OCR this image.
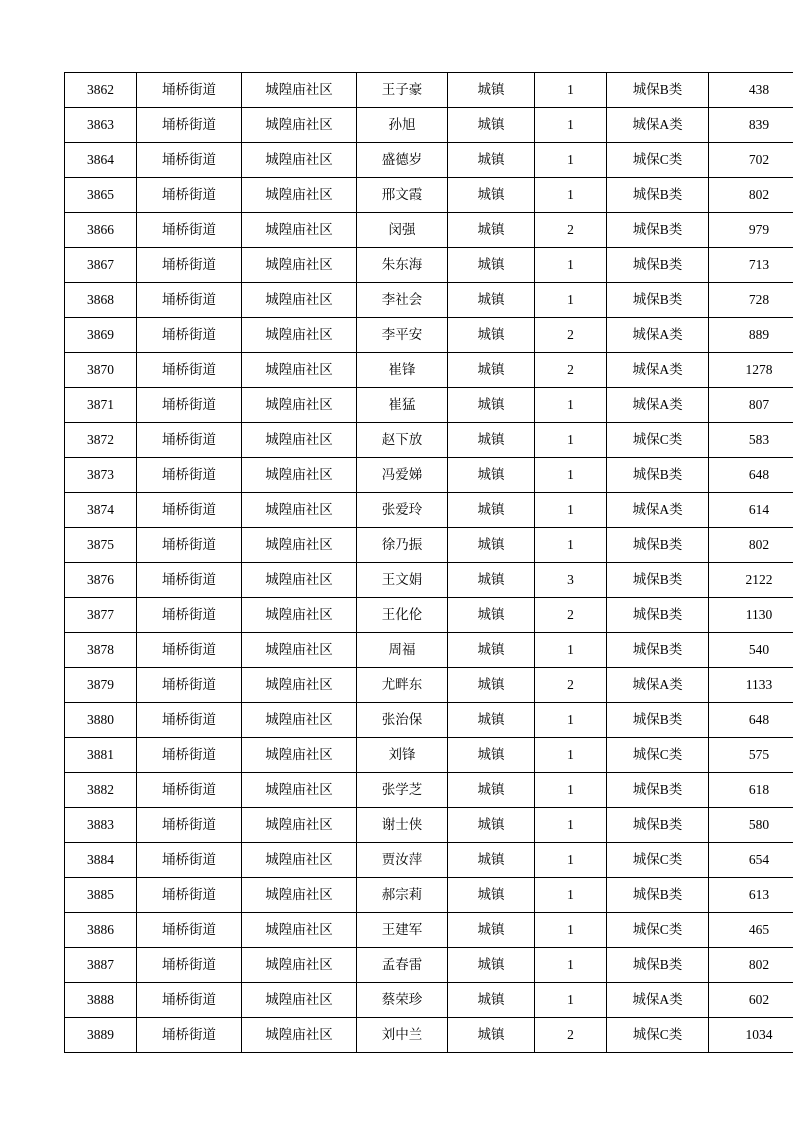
3862	埇桥街道	城隍庙社区	王子豪	城镇	1	城保B类	438
3863	埇桥街道	城隍庙社区	孙旭	城镇	1	城保A类	839
3864	埇桥街道	城隍庙社区	盛德岁	城镇	1	城保C类	702
3865	埇桥街道	城隍庙社区	邢文霞	城镇	1	城保B类	802
3866	埇桥街道	城隍庙社区	闵强	城镇	2	城保B类	979
3867	埇桥街道	城隍庙社区	朱东海	城镇	1	城保B类	713
3868	埇桥街道	城隍庙社区	李社会	城镇	1	城保B类	728
3869	埇桥街道	城隍庙社区	李平安	城镇	2	城保A类	889
3870	埇桥街道	城隍庙社区	崔锋	城镇	2	城保A类	1278
3871	埇桥街道	城隍庙社区	崔猛	城镇	1	城保A类	807
3872	埇桥街道	城隍庙社区	赵下放	城镇	1	城保C类	583
3873	埇桥街道	城隍庙社区	冯爱娣	城镇	1	城保B类	648
3874	埇桥街道	城隍庙社区	张爱玲	城镇	1	城保A类	614
3875	埇桥街道	城隍庙社区	徐乃振	城镇	1	城保B类	802
3876	埇桥街道	城隍庙社区	王文娟	城镇	3	城保B类	2122
3877	埇桥街道	城隍庙社区	王化伦	城镇	2	城保B类	1130
3878	埇桥街道	城隍庙社区	周福	城镇	1	城保B类	540
3879	埇桥街道	城隍庙社区	尤畔东	城镇	2	城保A类	1133
3880	埇桥街道	城隍庙社区	张治保	城镇	1	城保B类	648
3881	埇桥街道	城隍庙社区	刘锋	城镇	1	城保C类	575
3882	埇桥街道	城隍庙社区	张学芝	城镇	1	城保B类	618
3883	埇桥街道	城隍庙社区	谢士侠	城镇	1	城保B类	580
3884	埇桥街道	城隍庙社区	贾汝萍	城镇	1	城保C类	654
3885	埇桥街道	城隍庙社区	郝宗莉	城镇	1	城保B类	613
3886	埇桥街道	城隍庙社区	王建军	城镇	1	城保C类	465
3887	埇桥街道	城隍庙社区	孟春雷	城镇	1	城保B类	802
3888	埇桥街道	城隍庙社区	蔡荣珍	城镇	1	城保A类	602
3889	埇桥街道	城隍庙社区	刘中兰	城镇	2	城保C类	1034
